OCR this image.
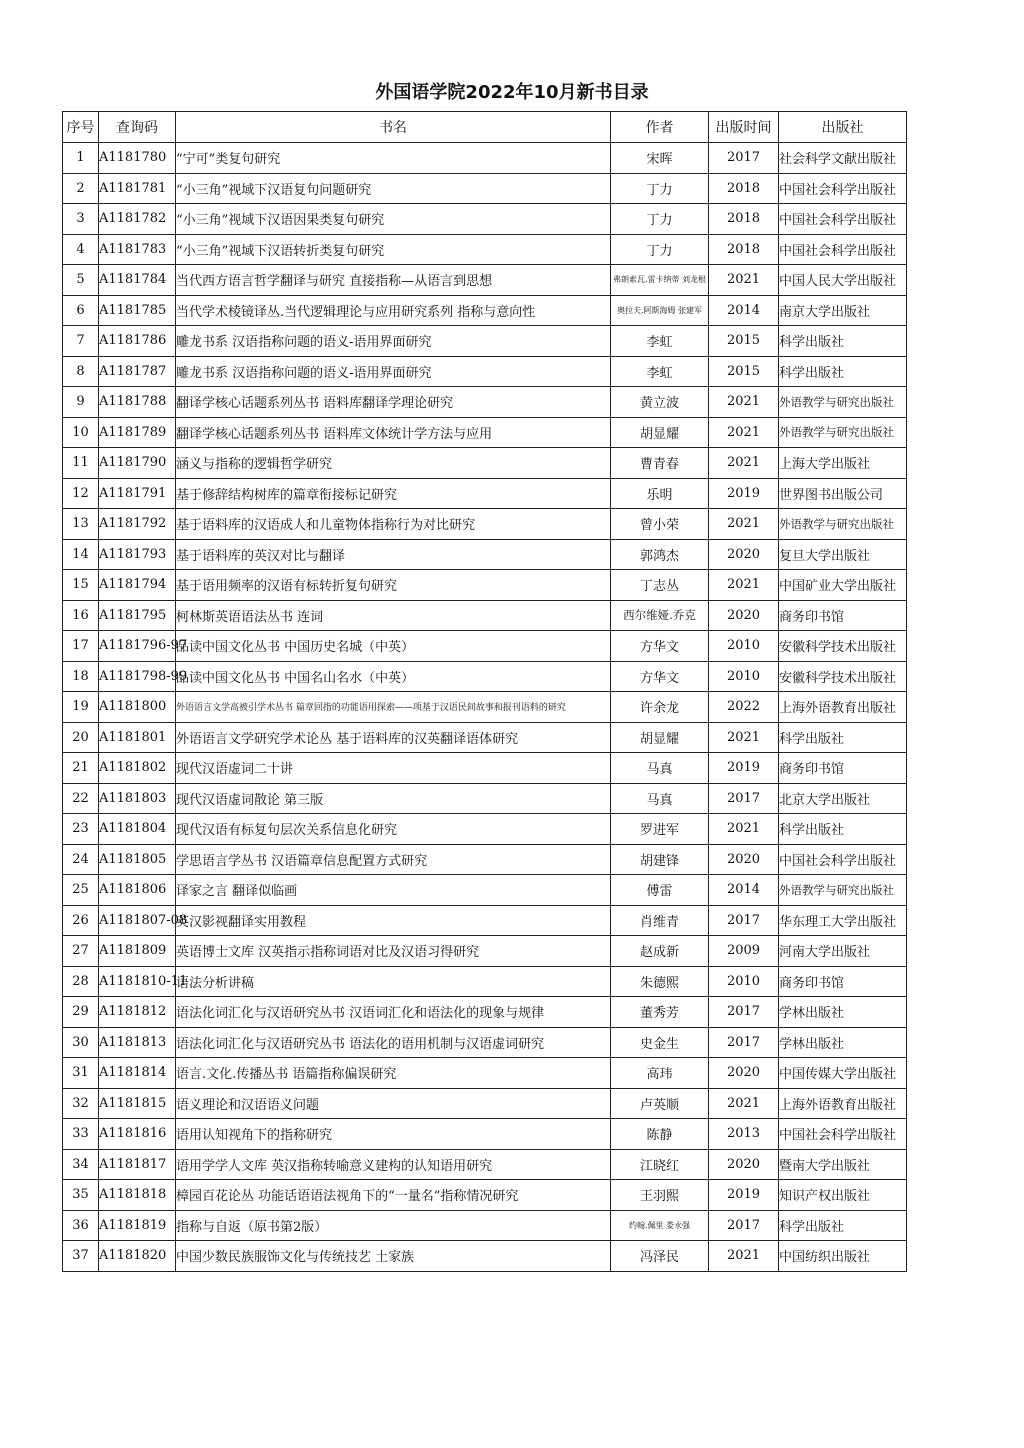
外国语学院2022年10月新书目录
序号	查询码	书名	作者	出版时间	出版社
1	A1181780	“宁可”类复句研究	宋晖	2017	社会科学文献出版社
2	A1181781	“小三角”视域下汉语复句问题研究	丁力	2018	中国社会科学出版社
3	A1181782	“小三角”视域下汉语因果类复句研究	丁力	2018	中国社会科学出版社
4	A1181783	“小三角”视域下汉语转折类复句研究	丁力	2018	中国社会科学出版社
5	A1181784	当代西方语言哲学翻译与研究 直接指称—从语言到思想	弗朗索瓦.雷卡纳蒂 刘龙根	2021	中国人民大学出版社
6	A1181785	当代学术棱镜译丛.当代逻辑理论与应用研究系列 指称与意向性	奥拉夫.阿斯海姆 张建军	2014	南京大学出版社
7	A1181786	雕龙书系 汉语指称问题的语义-语用界面研究	李虹	2015	科学出版社
8	A1181787	雕龙书系 汉语指称问题的语义-语用界面研究	李虹	2015	科学出版社
9	A1181788	翻译学核心话题系列丛书 语料库翻译学理论研究	黄立波	2021	外语教学与研究出版社
10	A1181789	翻译学核心话题系列丛书 语料库文体统计学方法与应用	胡显耀	2021	外语教学与研究出版社
11	A1181790	涵义与指称的逻辑哲学研究	曹青春	2021	上海大学出版社
12	A1181791	基于修辞结构树库的篇章衔接标记研究	乐明	2019	世界图书出版公司
13	A1181792	基于语料库的汉语成人和儿童物体指称行为对比研究	曾小荣	2021	外语教学与研究出版社
14	A1181793	基于语料库的英汉对比与翻译	郭鸿杰	2020	复旦大学出版社
15	A1181794	基于语用频率的汉语有标转折复句研究	丁志丛	2021	中国矿业大学出版社
16	A1181795	柯林斯英语语法丛书 连词	西尔维娅.乔克	2020	商务印书馆
17	A1181796-97	品读中国文化丛书 中国历史名城（中英）	方华文	2010	安徽科学技术出版社
18	A1181798-99	品读中国文化丛书 中国名山名水（中英）	方华文	2010	安徽科学技术出版社
19	A1181800	外语语言文学高被引学术丛书 篇章回指的功能语用探索——项基于汉语民间故事和报刊语料的研究	许余龙	2022	上海外语教育出版社
20	A1181801	外语语言文学研究学术论丛 基于语料库的汉英翻译语体研究	胡显耀	2021	科学出版社
21	A1181802	现代汉语虚词二十讲	马真	2019	商务印书馆
22	A1181803	现代汉语虚词散论 第三版	马真	2017	北京大学出版社
23	A1181804	现代汉语有标复句层次关系信息化研究	罗进军	2021	科学出版社
24	A1181805	学思语言学丛书 汉语篇章信息配置方式研究	胡建锋	2020	中国社会科学出版社
25	A1181806	译家之言 翻译似临画	傅雷	2014	外语教学与研究出版社
26	A1181807-08	英汉影视翻译实用教程	肖维青	2017	华东理工大学出版社
27	A1181809	英语博士文库 汉英指示指称词语对比及汉语习得研究	赵成新	2009	河南大学出版社
28	A1181810-11	语法分析讲稿	朱德熙	2010	商务印书馆
29	A1181812	语法化词汇化与汉语研究丛书 汉语词汇化和语法化的现象与规律	董秀芳	2017	学林出版社
30	A1181813	语法化词汇化与汉语研究丛书 语法化的语用机制与汉语虚词研究	史金生	2017	学林出版社
31	A1181814	语言.文化.传播丛书 语篇指称偏误研究	高玮	2020	中国传媒大学出版社
32	A1181815	语义理论和汉语语义问题	卢英顺	2021	上海外语教育出版社
33	A1181816	语用认知视角下的指称研究	陈静	2013	中国社会科学出版社
34	A1181817	语用学学人文库 英汉指称转喻意义建构的认知语用研究	江晓红	2020	暨南大学出版社
35	A1181818	樟园百花论丛 功能话语语法视角下的“一量名”指称情况研究	王羽熙	2019	知识产权出版社
36	A1181819	指称与自返（原书第2版）	约翰.佩里 娄永强	2017	科学出版社
37	A1181820	中国少数民族服饰文化与传统技艺 土家族	冯泽民	2021	中国纺织出版社
